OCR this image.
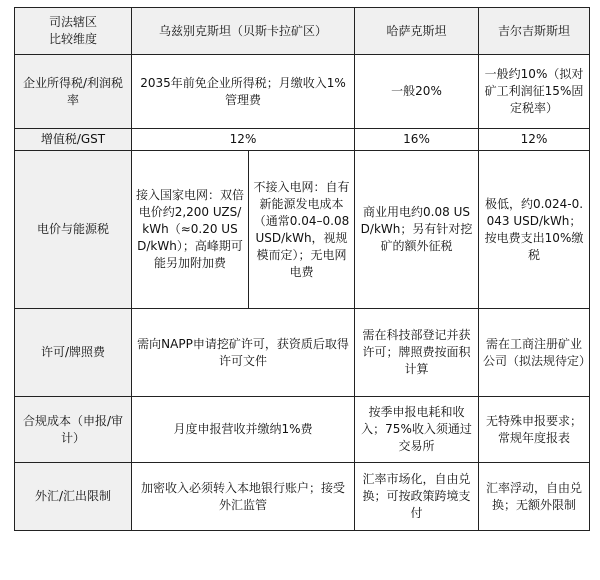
司法辖区
比较维度	乌兹别克斯坦（贝斯卡拉矿区）		哈萨克斯坦	吉尔吉斯斯坦
企业所得税/利润税率	2035年前免企业所得税；月缴收入1%管理费		一般20%	一般约10%（拟对矿工利润征15%固定税率）
增值税/GST	12%		16%	12%
电价与能源税	接入国家电网：双倍电价约2,200 UZS/kWh（≈0.20 USD/kWh）；高峰期可能另加附加费	不接入电网：自有新能源发电成本（通常0.04–0.08 USD/kWh，视规模而定）；无电网电费	商业用电约0.08 USD/kWh；另有针对挖矿的额外征税	极低，约0.024-0.043 USD/kWh；按电费支出10%缴税
许可/牌照费	需向NAPP申请挖矿许可，获资质后取得许可文件		需在科技部登记并获许可；牌照费按面积计算	需在工商注册矿业公司（拟法规待定）
合规成本（申报/审计）	月度申报营收并缴纳1%费		按季申报电耗和收入；75%收入须通过交易所	无特殊申报要求；常规年度报表
外汇/汇出限制	加密收入必须转入本地银行账户；接受外汇监管		汇率市场化，自由兑换；可按政策跨境支付	汇率浮动，自由兑换；无额外限制
